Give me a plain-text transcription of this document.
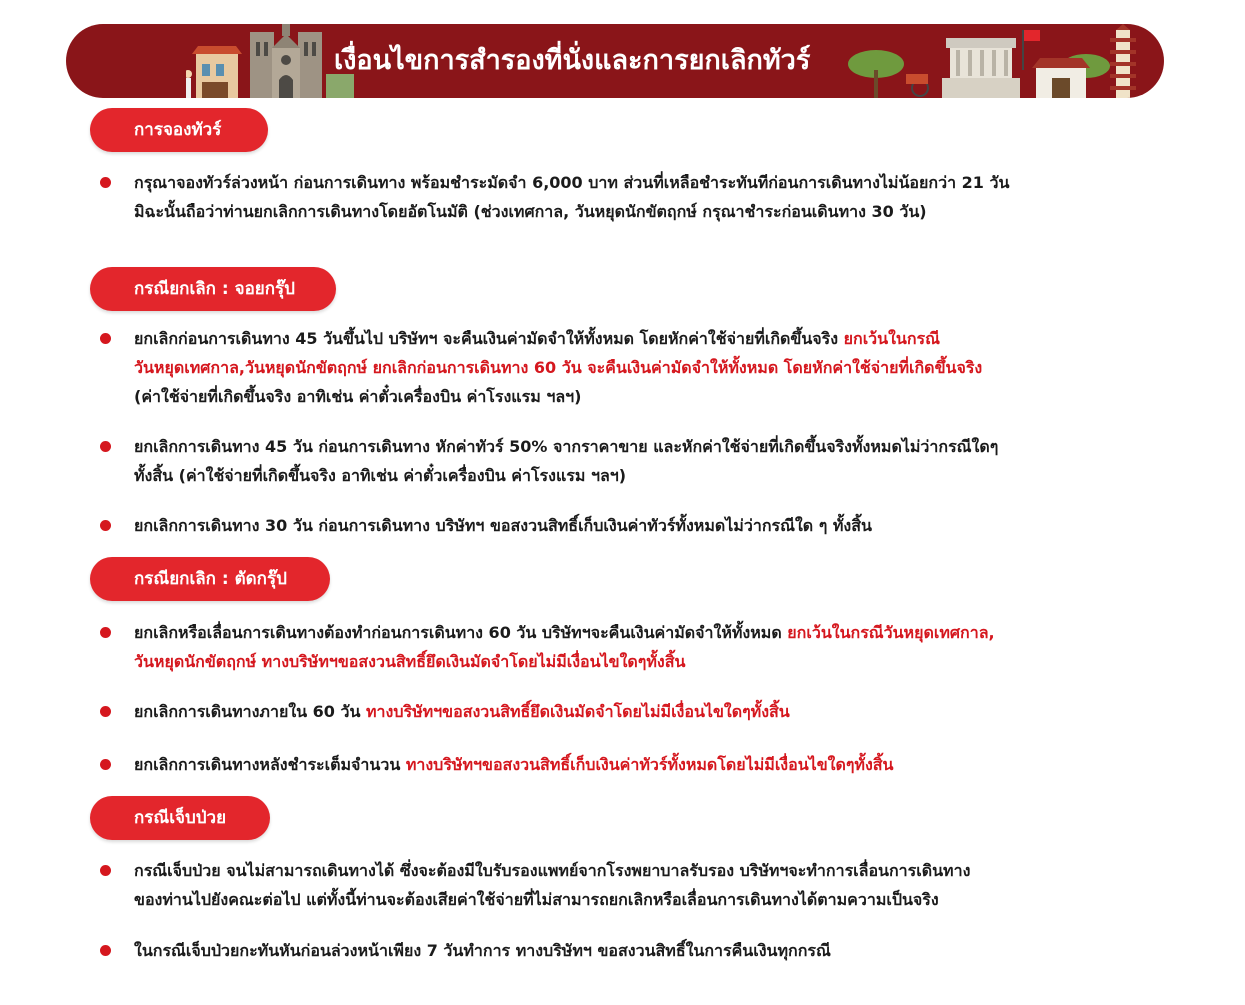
เงื่อนไขการสำรองที่นั่งและการยกเลิกทัวร์
การจองทัวร์
กรุณาจองทัวร์ล่วงหน้า ก่อนการเดินทาง พร้อมชำระมัดจำ 6,000 บาท ส่วนที่เหลือชำระทันทีก่อนการเดินทางไม่น้อยกว่า 21 วัน
มิฉะนั้นถือว่าท่านยกเลิกการเดินทางโดยอัตโนมัติ (ช่วงเทศกาล, วันหยุดนักขัตฤกษ์ กรุณาชำระก่อนเดินทาง 30 วัน)
กรณียกเลิก : จอยกรุ๊ป
ยกเลิกก่อนการเดินทาง 45 วันขึ้นไป บริษัทฯ จะคืนเงินค่ามัดจำให้ทั้งหมด โดยหักค่าใช้จ่ายที่เกิดขึ้นจริง ยกเว้นในกรณี
วันหยุดเทศกาล,วันหยุดนักขัตฤกษ์ ยกเลิกก่อนการเดินทาง 60 วัน จะคืนเงินค่ามัดจำให้ทั้งหมด โดยหักค่าใช้จ่ายที่เกิดขึ้นจริง
(ค่าใช้จ่ายที่เกิดขึ้นจริง อาทิเช่น ค่าตั๋วเครื่องบิน ค่าโรงแรม ฯลฯ)
ยกเลิกการเดินทาง 45 วัน ก่อนการเดินทาง หักค่าทัวร์ 50% จากราคาขาย และหักค่าใช้จ่ายที่เกิดขึ้นจริงทั้งหมดไม่ว่ากรณีใดๆ
ทั้งสิ้น (ค่าใช้จ่ายที่เกิดขึ้นจริง อาทิเช่น ค่าตั๋วเครื่องบิน ค่าโรงแรม ฯลฯ)
ยกเลิกการเดินทาง 30 วัน ก่อนการเดินทาง บริษัทฯ ขอสงวนสิทธิ์เก็บเงินค่าทัวร์ทั้งหมดไม่ว่ากรณีใด ๆ ทั้งสิ้น
กรณียกเลิก : ตัดกรุ๊ป
ยกเลิกหรือเลื่อนการเดินทางต้องทำก่อนการเดินทาง 60 วัน บริษัทฯจะคืนเงินค่ามัดจำให้ทั้งหมด ยกเว้นในกรณีวันหยุดเทศกาล,
วันหยุดนักขัตฤกษ์ ทางบริษัทฯขอสงวนสิทธิ์ยึดเงินมัดจำโดยไม่มีเงื่อนไขใดๆทั้งสิ้น
ยกเลิกการเดินทางภายใน 60 วัน ทางบริษัทฯขอสงวนสิทธิ์ยึดเงินมัดจำโดยไม่มีเงื่อนไขใดๆทั้งสิ้น
ยกเลิกการเดินทางหลังชำระเต็มจำนวน ทางบริษัทฯขอสงวนสิทธิ์เก็บเงินค่าทัวร์ทั้งหมดโดยไม่มีเงื่อนไขใดๆทั้งสิ้น
กรณีเจ็บป่วย
กรณีเจ็บป่วย จนไม่สามารถเดินทางได้ ซึ่งจะต้องมีใบรับรองแพทย์จากโรงพยาบาลรับรอง บริษัทฯจะทำการเลื่อนการเดินทาง
ของท่านไปยังคณะต่อไป แต่ทั้งนี้ท่านจะต้องเสียค่าใช้จ่ายที่ไม่สามารถยกเลิกหรือเลื่อนการเดินทางได้ตามความเป็นจริง
ในกรณีเจ็บป่วยกะทันหันก่อนล่วงหน้าเพียง 7 วันทำการ ทางบริษัทฯ ขอสงวนสิทธิ์ในการคืนเงินทุกกรณี
